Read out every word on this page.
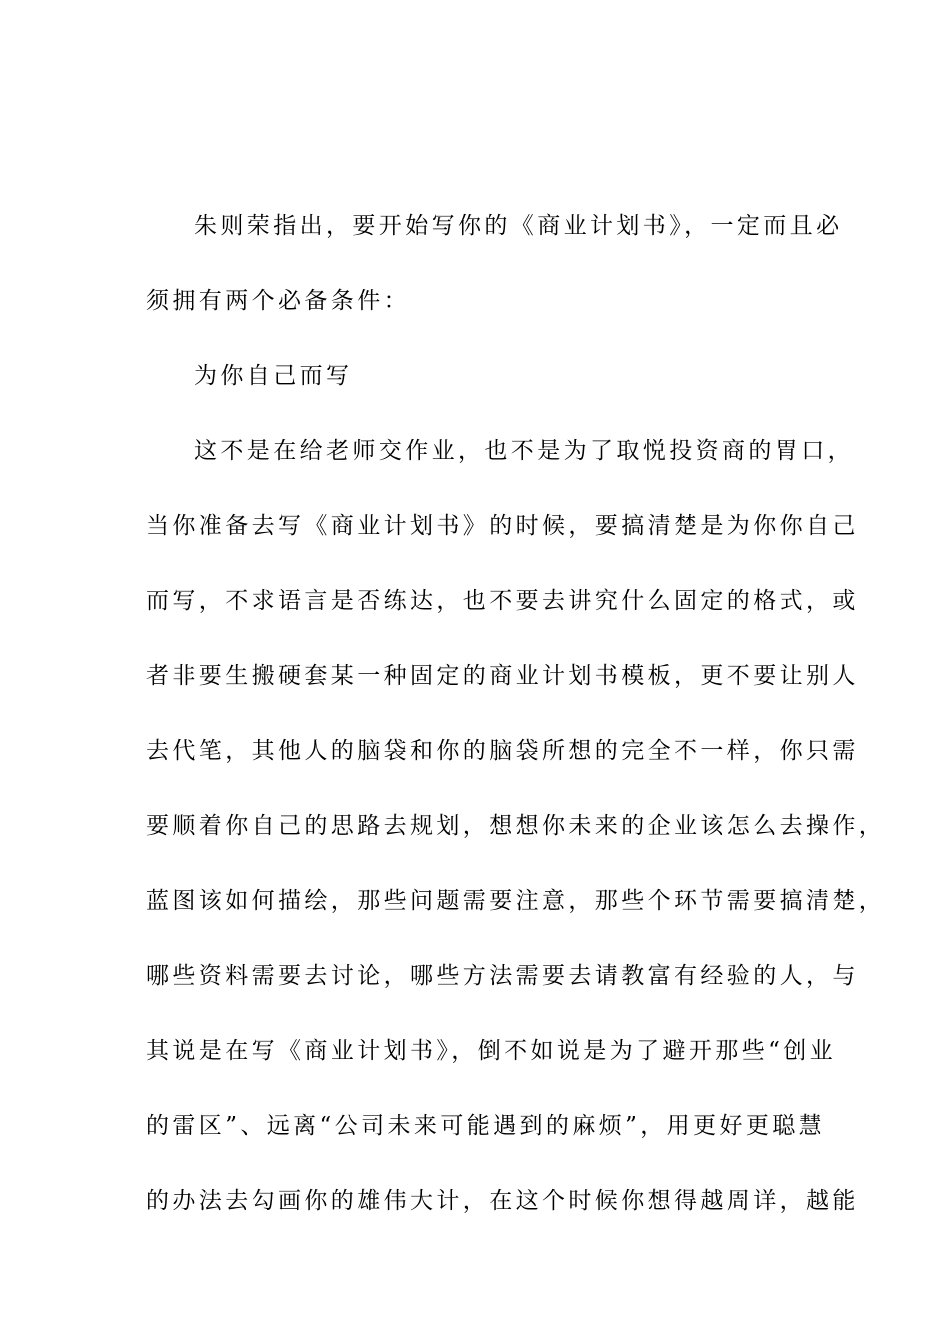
朱则荣指出，要开始写你的《商业计划书》，一定而且必
须拥有两个必备条件：
为你自己而写
这不是在给老师交作业，也不是为了取悦投资商的胃口，
当你准备去写《商业计划书》的时候，要搞清楚是为你你自己
而写，不求语言是否练达，也不要去讲究什么固定的格式，或
者非要生搬硬套某一种固定的商业计划书模板，更不要让别人
去代笔，其他人的脑袋和你的脑袋所想的完全不一样，你只需
要顺着你自己的思路去规划，想想你未来的企业该怎么去操作，
蓝图该如何描绘，那些问题需要注意，那些个环节需要搞清楚，
哪些资料需要去讨论，哪些方法需要去请教富有经验的人，与
其说是在写《商业计划书》，倒不如说是为了避开那些“创业
的雷区”、远离“公司未来可能遇到的麻烦”，用更好更聪慧
的办法去勾画你的雄伟大计，在这个时候你想得越周详，越能
